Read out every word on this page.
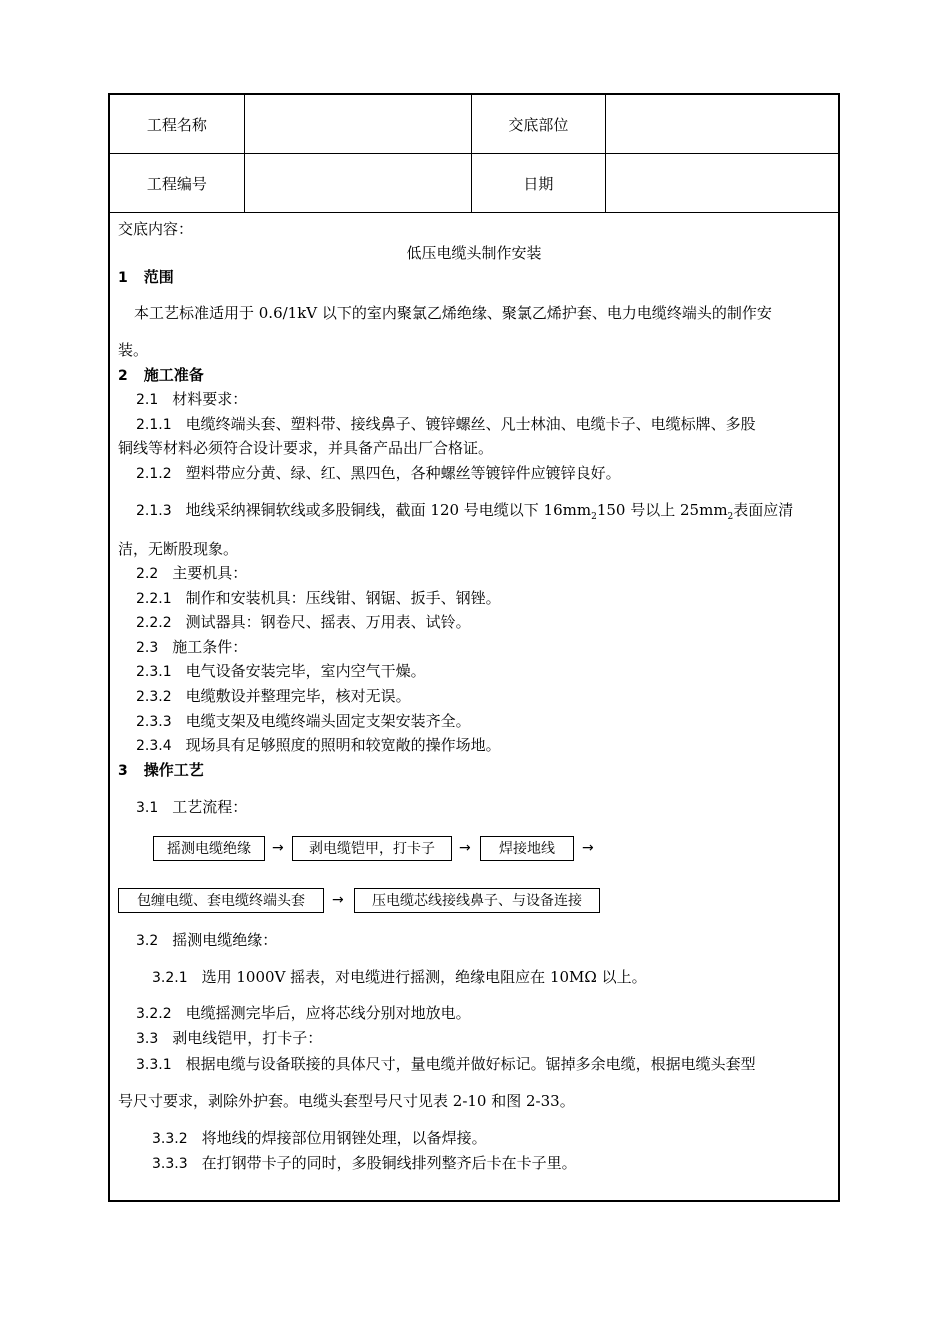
工程名称		交底部位	
工程编号		日期	
交底内容：
低压电缆头制作安装
1 范围
本工艺标准适用于 0.6/1kV 以下的室内聚氯乙烯绝缘、聚氯乙烯护套、电力电缆终端头的制作安
装。
2 施工准备
2.1 材料要求：
2.1.1 电缆终端头套、塑料带、接线鼻子、镀锌螺丝、凡士林油、电缆卡子、电缆标牌、多股
铜线等材料必须符合设计要求，并具备产品出厂合格证。
2.1.2 塑料带应分黄、绿、红、黑四色，各种螺丝等镀锌件应镀锌良好。
2.1.3 地线采纳裸铜软线或多股铜线，截面 120 号电缆以下 $16mm_2150$ 号以上 $25mm_2$表面应清
洁，无断股现象。
2.2 主要机具：
2.2.1 制作和安装机具：压线钳、钢锯、扳手、钢锉。
2.2.2 测试器具：钢卷尺、摇表、万用表、试铃。
2.3 施工条件：
2.3.1 电气设备安装完毕，室内空气干燥。
2.3.2 电缆敷设并整理完毕，核对无误。
2.3.3 电缆支架及电缆终端头固定支架安装齐全。
2.3.4 现场具有足够照度的照明和较宽敞的操作场地。
3 操作工艺
3.1 工艺流程：
摇测电缆绝缘	→	剥电缆铠甲，打卡子	→	焊接地线	→
包缠电缆、套电缆终端头套	→	压电缆芯线接线鼻子、与设备连接
3.2 摇测电缆绝缘：
3.2.1 选用 1000V 摇表，对电缆进行摇测，绝缘电阻应在 10MΩ 以上。
3.2.2 电缆摇测完毕后，应将芯线分别对地放电。
3.3 剥电线铠甲，打卡子：
3.3.1 根据电缆与设备联接的具体尺寸，量电缆并做好标记。锯掉多余电缆，根据电缆头套型
号尺寸要求，剥除外护套。电缆头套型号尺寸见表 2-10 和图 2-33。
3.3.2 将地线的焊接部位用钢锉处理，以备焊接。
3.3.3 在打钢带卡子的同时，多股铜线排列整齐后卡在卡子里。
